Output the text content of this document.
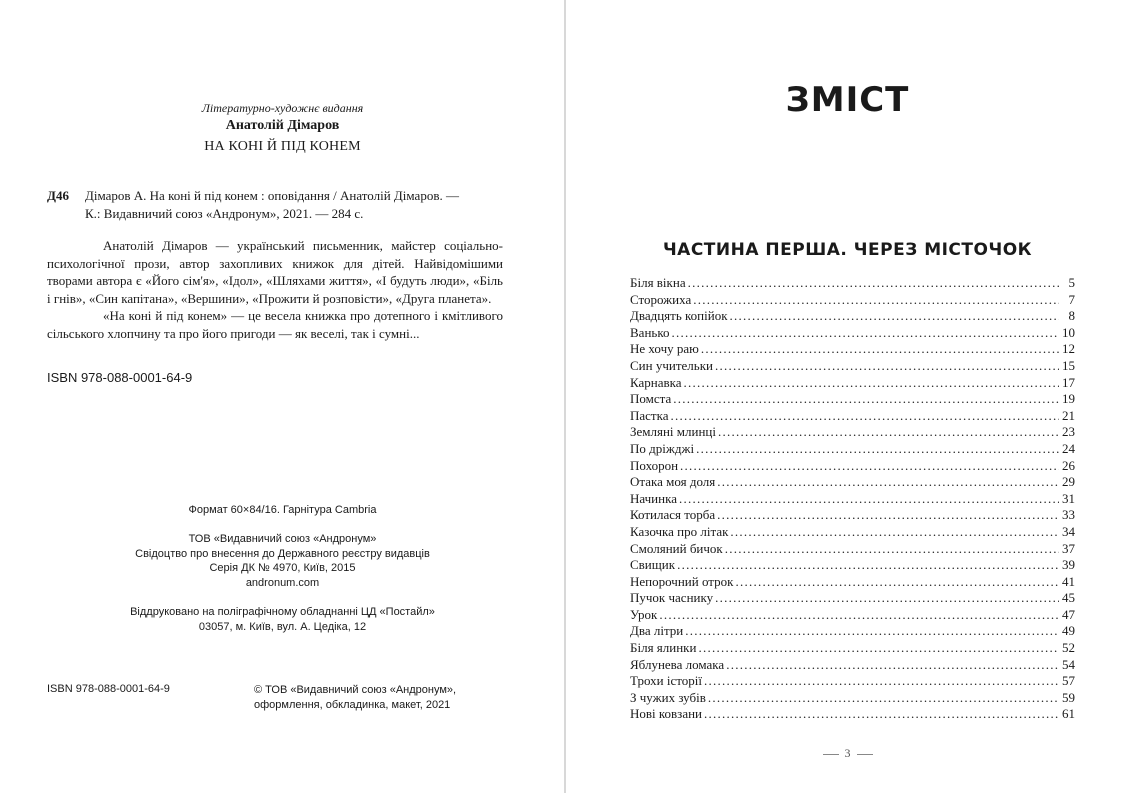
Літературно-художнє видання
Анатолій Дімаров
НА КОНІ Й ПІД КОНЕМ
Д46 Дімаров А. На коні й під конем : оповідання / Анатолій Дімаров. —
К.: Видавничий союз «Андронум», 2021. — 284 с.

Анатолій Дімаров — український письменник, майстер соціально-психологічної прози, автор захопливих книжок для дітей. Найвідомішими творами автора є «Його сім'я», «Ідол», «Шляхами життя», «І будуть люди», «Біль і гнів», «Син капітана», «Вершини», «Прожити й розповісти», «Друга планета».

«На коні й під конем» — це весела книжка про дотепного і кмітливого сільського хлопчину та про його пригоди — як веселі, так і сумні...

ISBN 978-088-0001-64-9
Формат 60×84/16. Гарнітура Cambria
ТОВ «Видавничий союз «Андронум»
Свідоцтво про внесення до Державного реєстру видавців
Серія ДК № 4970, Київ, 2015
andronum.com
Віддруковано на поліграфічному обладнанні ЦД «Постайл»
03057, м. Київ, вул. А. Цедіка, 12
ISBN 978-088-0001-64-9	© ТОВ «Видавничий союз «Андронум»,
оформлення, обкладинка, макет, 2021
ЗМІСТ
ЧАСТИНА ПЕРША. ЧЕРЕЗ МІСТОЧОК
Біля вікна . . .	5
Сторожиха . . .	7
Двадцять копійок . . .	8
Ванько . . .	10
Не хочу раю . . .	12
Син учительки . . .	15
Карнавка . . .	17
Помста . . .	19
Пастка . . .	21
Земляні млинці . . .	23
По дріжджі . . .	24
Похорон . . .	26
Отака моя доля . . .	29
Начинка . . .	31
Котилася торба . . .	33
Казочка про літак . . .	34
Смоляний бичок . . .	37
Свищик . . .	39
Непорочний отрок . . .	41
Пучок часнику . . .	45
Урок . . .	47
Два літри . . .	49
Біля ялинки . . .	52
Яблунева ломака . . .	54
Трохи історії . . .	57
З чужих зубів . . .	59
Нові ковзани . . .	61
3
